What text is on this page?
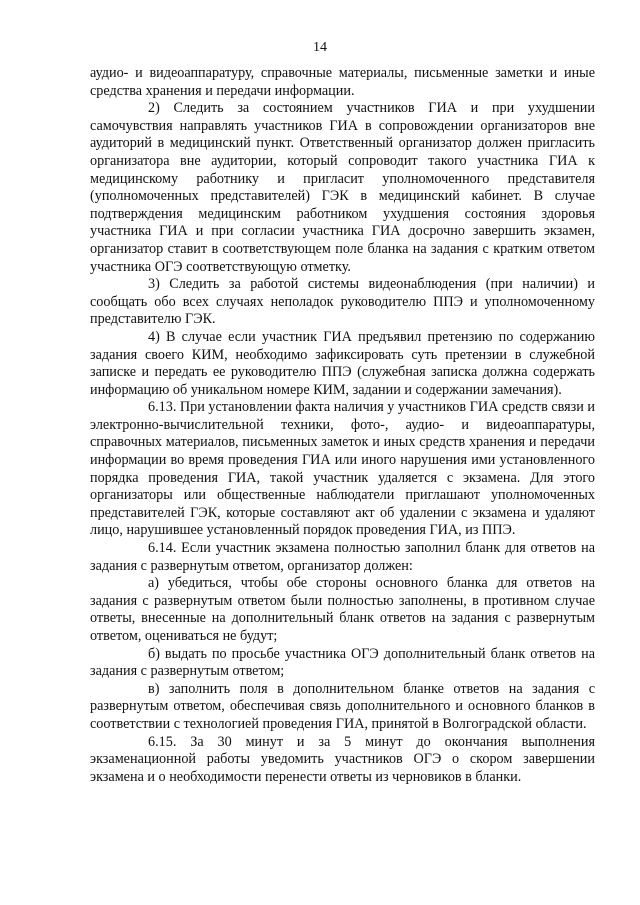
14

аудио- и видеоаппаратуру, справочные материалы, письменные заметки и иные средства хранения и передачи информации.

2) Следить за состоянием участников ГИА и при ухудшении самочувствия направлять участников ГИА в сопровождении организаторов вне аудиторий в медицинский пункт. Ответственный организатор должен пригласить организатора вне аудитории, который сопроводит такого участника ГИА к медицинскому работнику и пригласит уполномоченного представителя (уполномоченных представителей) ГЭК в медицинский кабинет. В случае подтверждения медицинским работником ухудшения состояния здоровья участника ГИА и при согласии участника ГИА досрочно завершить экзамен, организатор ставит в соответствующем поле бланка на задания с кратким ответом участника ОГЭ соответствующую отметку.

3) Следить за работой системы видеонаблюдения (при наличии) и сообщать обо всех случаях неполадок руководителю ППЭ и уполномоченному представителю ГЭК.

4) В случае если участник ГИА предъявил претензию по содержанию задания своего КИМ, необходимо зафиксировать суть претензии в служебной записке и передать ее руководителю ППЭ (служебная записка должна содержать информацию об уникальном номере КИМ, задании и содержании замечания).

6.13. При установлении факта наличия у участников ГИА средств связи и электронно-вычислительной техники, фото-, аудио- и видеоаппаратуры, справочных материалов, письменных заметок и иных средств хранения и передачи информации во время проведения ГИА или иного нарушения ими установленного порядка проведения ГИА, такой участник удаляется с экзамена. Для этого организаторы или общественные наблюдатели приглашают уполномоченных представителей ГЭК, которые составляют акт об удалении с экзамена и удаляют лицо, нарушившее установленный порядок проведения ГИА, из ППЭ.

6.14. Если участник экзамена полностью заполнил бланк для ответов на задания с развернутым ответом, организатор должен:

а) убедиться, чтобы обе стороны основного бланка для ответов на задания с развернутым ответом были полностью заполнены, в противном случае ответы, внесенные на дополнительный бланк ответов на задания с развернутым ответом, оцениваться не будут;

б) выдать по просьбе участника ОГЭ дополнительный бланк ответов на задания с развернутым ответом;

в) заполнить поля в дополнительном бланке ответов на задания с развернутым ответом, обеспечивая связь дополнительного и основного бланков в соответствии с технологией проведения ГИА, принятой в Волгоградской области.

6.15. За 30 минут и за 5 минут до окончания выполнения экзаменационной работы уведомить участников ОГЭ о скором завершении экзамена и о необходимости перенести ответы из черновиков в бланки.
